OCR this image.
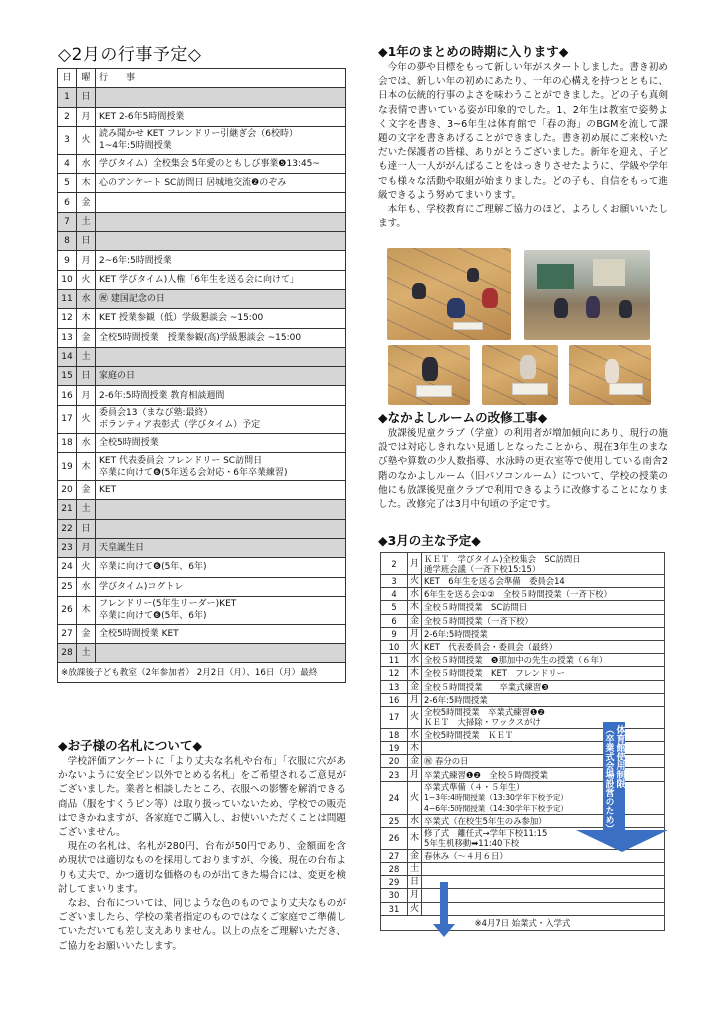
◇2月の行事予定◇
日	曜	行　　事
1	日	
2	月	KET 2-6年5時間授業
3	火	読み聞かせ KET フレンドリー引継ぎ会（6校時）
1~4年:5時間授業
4	水	学びタイム）全校集会 5年愛のともしび事業❺13:45~
5	木	心のアンケート SC訪問日 居城地交流❷のぞみ
6	金	
7	土	
8	日	
9	月	2~6年:5時間授業
10	火	KET 学びタイム)人権「6年生を送る会に向けて」
11	水	㊗ 建国記念の日
12	木	KET 授業参観（低）学級懇談会 ~15:00
13	金	全校5時間授業　授業参観(高)学級懇談会 ~15:00
14	土	
15	日	家庭の日
16	月	2-6年:5時間授業 教育相談週間
17	火	委員会13（まなび塾:最終）
ボランティア表彰式（学びタイム）予定
18	水	全校5時間授業
19	木	KET 代表委員会 フレンドリー SC訪問日
卒業に向けて❻(5年送る会対応・6年卒業練習)
20	金	KET
21	土	
22	日	
23	月	天皇誕生日
24	火	卒業に向けて❻(5年、6年)
25	水	学びタイム)コグトレ
26	木	フレンドリー(5年生リーダー)KET
卒業に向けて❻(5年、6年)
27	金	全校5時間授業 KET
28	土	
※放課後子ども教室（2年参加者） 2月2日（月）、16日（月）最終		
◆お子様の名札について◆

学校評価アンケートに「より丈夫な名札や台布」「衣服に穴があかないように安全ピン以外でとめる名札」をご希望されるご意見がございました。業者と相談したところ、衣服への影響を解消できる商品（服をすくうピン等）は取り扱っていないため、学校での販売はできかねますが、各家庭でご購入し、お使いいただくことは問題ございません。

現在の名札は、名札が280円、台布が50円であり、金額面を含め現状では適切なものを採用しておりますが、今後、現在の台布よりも丈夫で、かつ適切な価格のものが出てきた場合には、変更を検討してまいります。

なお、台布については、同じような色のものでより丈夫なものがございましたら、学校の業者指定のものではなくご家庭でご準備していただいても差し支えありません。以上の点をご理解いただき、ご協力をお願いいたします。

◆1年のまとめの時期に入ります◆

今年の夢や目標をもって新しい年がスタートしました。書き初め会では、新しい年の初めにあたり、一年の心構えを持つとともに、日本の伝統的行事のよさを味わうことができました。どの子も真剣な表情で書いている姿が印象的でした。1、2年生は教室で姿勢よく文字を書き、3~6年生は体育館で「春の海」のBGMを流して課題の文字を書きあげることができました。書き初め展にご来校いただいた保護者の皆様、ありがとうございました。新年を迎え、子ども達一人一人ががんばることをはっきりさせたように、学級や学年でも様々な活動や取組が始まりました。どの子も、自信をもって進級できるよう努めてまいります。

本年も、学校教育にご理解ご協力のほど、よろしくお願いいたします。

◆なかよしルームの改修工事◆

放課後児童クラブ（学童）の利用者が増加傾向にあり、現行の施設では対応しきれない見通しとなったことから、現在3年生のまなび塾や算数の少人数指導、水泳時の更衣室等で使用している南舎2階のなかよしルーム（旧パソコンルーム）について、学校の授業の他にも放課後児童クラブで利用できるように改修することになりました。改修完了は3月中旬頃の予定です。

◆3月の主な予定◆
2	月	ＫＥＴ　学びタイム)全校集会　SC訪問日
通学班会議（一斉下校15:15）
3	火	KET　6年生を送る会準備　委員会14
4	水	6年生を送る会①②　全校５時間授業（一斉下校）
5	木	全校５時間授業　SC訪問日
6	金	全校５時間授業（一斉下校）
9	月	2-6年:5時間授業
10	火	KET　代表委員会・委員会（最終）
11	水	全校５時間授業　❺那加中の先生の授業（６年）
12	木	全校５時間授業　KET　フレンドリー
13	金	全校５時間授業　　卒業式練習❸
16	月	2-6年:5時間授業
17	火	全校5時間授業　卒業式練習❶❷
ＫＥＴ　大掃除・ワックスがけ
18	水	全校5時間授業　ＫＥＴ
19	木	
20	金	㊗ 春分の日
23	月	卒業式練習❶❷　全校５時間授業
24	火	卒業式準備（４・５年生）
1~3年:4時間授業（13:30学年下校予定）
4~6年:5時間授業（14:30学年下校予定）
25	水	卒業式（在校生5年生のみ参加）
26	木	修了式　離任式→学年下校11:15
5年生机移動➡11:40下校
27	金	春休み（～４月６日）
28	土	
29	日	
30	月	
31	火	
※4月7日 始業式・入学式		
体育館使用制限
（卒業式会場設営のため）
